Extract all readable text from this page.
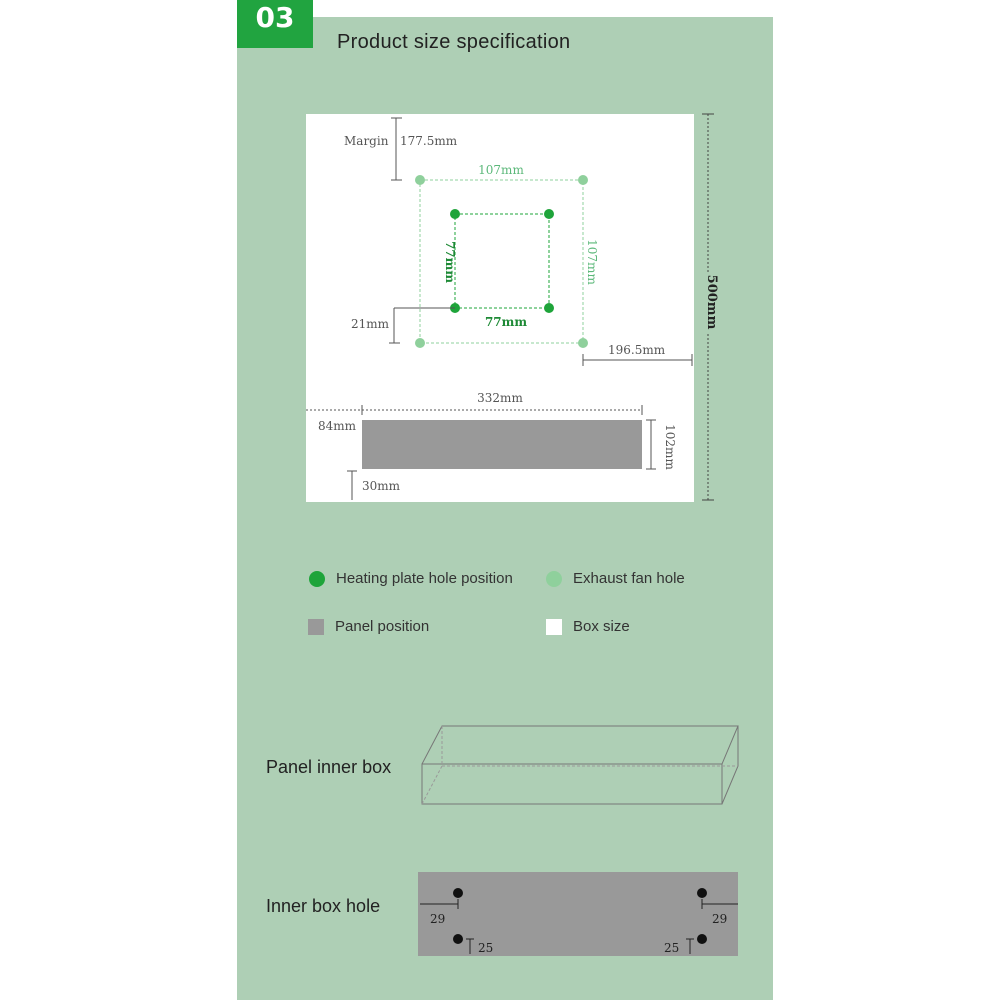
03
Product size specification
Margin 177.5mm
107mm
107mm
77mm
77mm
21mm
196.5mm
332mm
84mm	102mm
30mm
500mm
Heating plate hole position	Exhaust fan hole
Panel position	Box size
Panel inner box
Inner box hole
29	29
25	25
